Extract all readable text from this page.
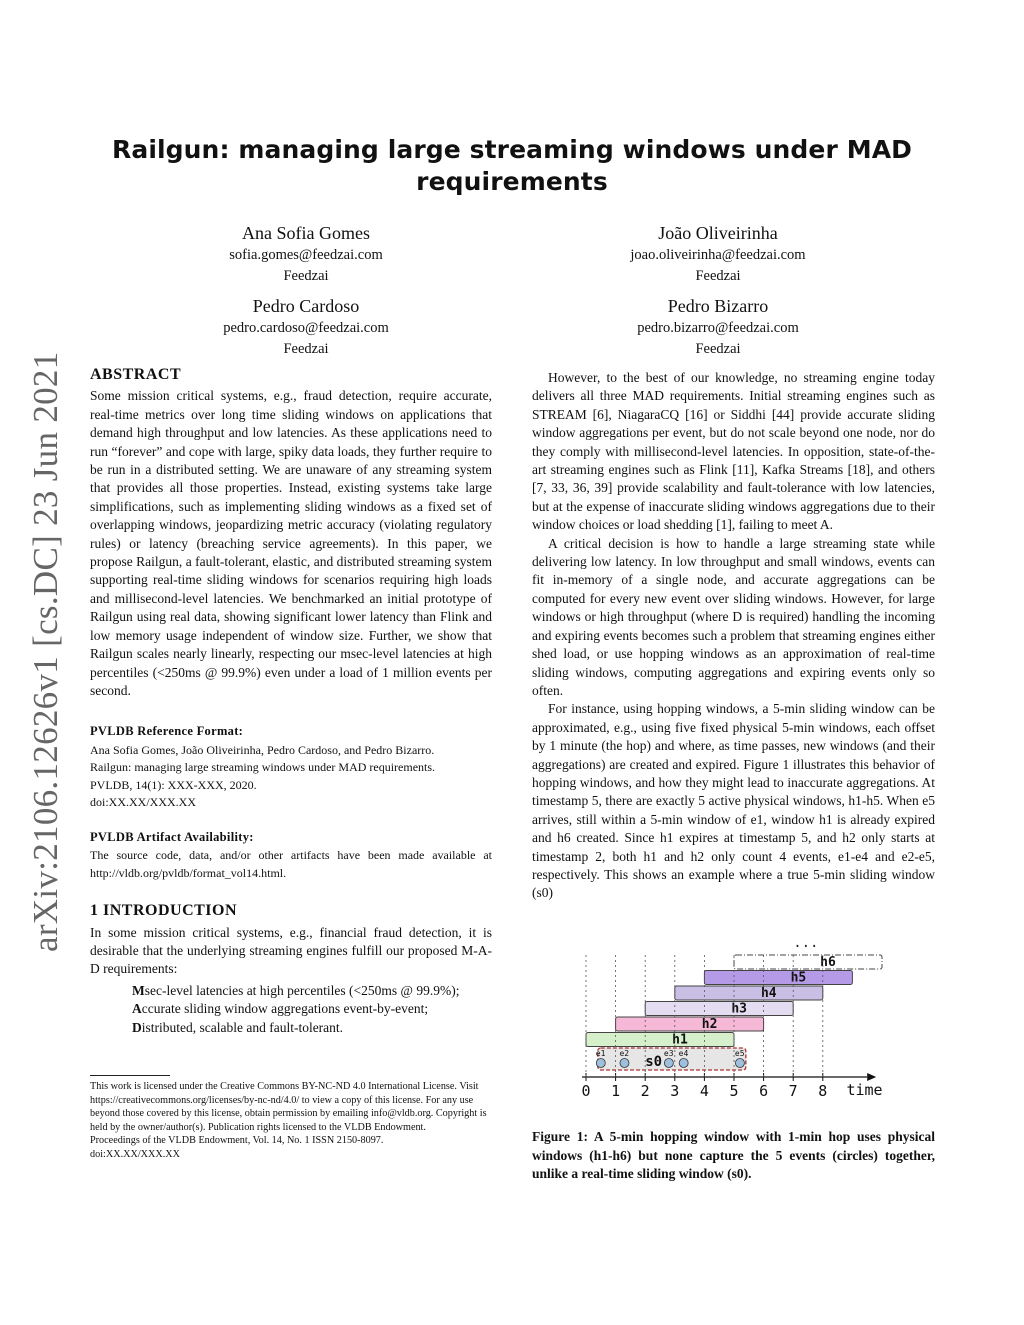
Railgun: managing large streaming windows under MAD requirements
arXiv:2106.12626v1 [cs.DC] 23 Jun 2021
Ana Sofia Gomes
sofia.gomes@feedzai.com
Feedzai
João Oliveirinha
joao.oliveirinha@feedzai.com
Feedzai
Pedro Cardoso
pedro.cardoso@feedzai.com
Feedzai
Pedro Bizarro
pedro.bizarro@feedzai.com
Feedzai
ABSTRACT

Some mission critical systems, e.g., fraud detection, require accurate, real-time metrics over long time sliding windows on applications that demand high throughput and low latencies. As these applications need to run “forever” and cope with large, spiky data loads, they further require to be run in a distributed setting. We are unaware of any streaming system that provides all those properties. Instead, existing systems take large simplifications, such as implementing sliding windows as a fixed set of overlapping windows, jeopardizing metric accuracy (violating regulatory rules) or latency (breaching service agreements). In this paper, we propose Railgun, a fault-tolerant, elastic, and distributed streaming system supporting real-time sliding windows for scenarios requiring high loads and millisecond-level latencies. We benchmarked an initial prototype of Railgun using real data, showing significant lower latency than Flink and low memory usage independent of window size. Further, we show that Railgun scales nearly linearly, respecting our msec-level latencies at high percentiles (<250ms @ 99.9%) even under a load of 1 million events per second.

PVLDB Reference Format:
Ana Sofia Gomes, João Oliveirinha, Pedro Cardoso, and Pedro Bizarro.
Railgun: managing large streaming windows under MAD requirements.
PVLDB, 14(1): XXX-XXX, 2020.
doi:XX.XX/XXX.XX
PVLDB Artifact Availability:
The source code, data, and/or other artifacts have been made available at http://vldb.org/pvldb/format_vol14.html.
1 INTRODUCTION

In some mission critical systems, e.g., financial fraud detection, it is desirable that the underlying streaming engines fulfill our proposed M-A-D requirements:

Msec-level latencies at high percentiles (<250ms @ 99.9%);
Accurate sliding window aggregations event-by-event;
Distributed, scalable and fault-tolerant.
This work is licensed under the Creative Commons BY-NC-ND 4.0 International License. Visit https://creativecommons.org/licenses/by-nc-nd/4.0/ to view a copy of this license. For any use beyond those covered by this license, obtain permission by emailing info@vldb.org. Copyright is held by the owner/author(s). Publication rights licensed to the VLDB Endowment.
Proceedings of the VLDB Endowment, Vol. 14, No. 1 ISSN 2150-8097.
doi:XX.XX/XXX.XX

However, to the best of our knowledge, no streaming engine today delivers all three MAD requirements. Initial streaming engines such as STREAM [6], NiagaraCQ [16] or Siddhi [44] provide accurate sliding window aggregations per event, but do not scale beyond one node, nor do they comply with millisecond-level latencies. In opposition, state-of-the-art streaming engines such as Flink [11], Kafka Streams [18], and others [7, 33, 36, 39] provide scalability and fault-tolerance with low latencies, but at the expense of inaccurate sliding windows aggregations due to their window choices or load shedding [1], failing to meet A.

A critical decision is how to handle a large streaming state while delivering low latency. In low throughput and small windows, events can fit in-memory of a single node, and accurate aggregations can be computed for every new event over sliding windows. However, for large windows or high throughput (where D is required) handling the incoming and expiring events becomes such a problem that streaming engines either shed load, or use hopping windows as an approximation of real-time sliding windows, computing aggregations and expiring events only so often.

For instance, using hopping windows, a 5-min sliding window can be approximated, e.g., using five fixed physical 5-min windows, each offset by 1 minute (the hop) and where, as time passes, new windows (and their aggregations) are created and expired. Figure 1 illustrates this behavior of hopping windows, and how they might lead to inaccurate aggregations. At timestamp 5, there are exactly 5 active physical windows, h1-h5. When e5 arrives, still within a 5-min window of e1, window h1 is already expired and h6 created. Since h1 expires at timestamp 5, and h2 only starts at timestamp 2, both h1 and h2 only count 4 events, e1-e4 and e2-e5, respectively. This shows an example where a true 5-min sliding window (s0)

...
h1
h2
h3
h4
h5
h6
s0
e1 e2	e3 e4	e5
0 1 2 3 4 5 6 7 8 time
Figure 1: A 5-min hopping window with 1-min hop uses physical windows (h1-h6) but none capture the 5 events (circles) together, unlike a real-time sliding window (s0).
